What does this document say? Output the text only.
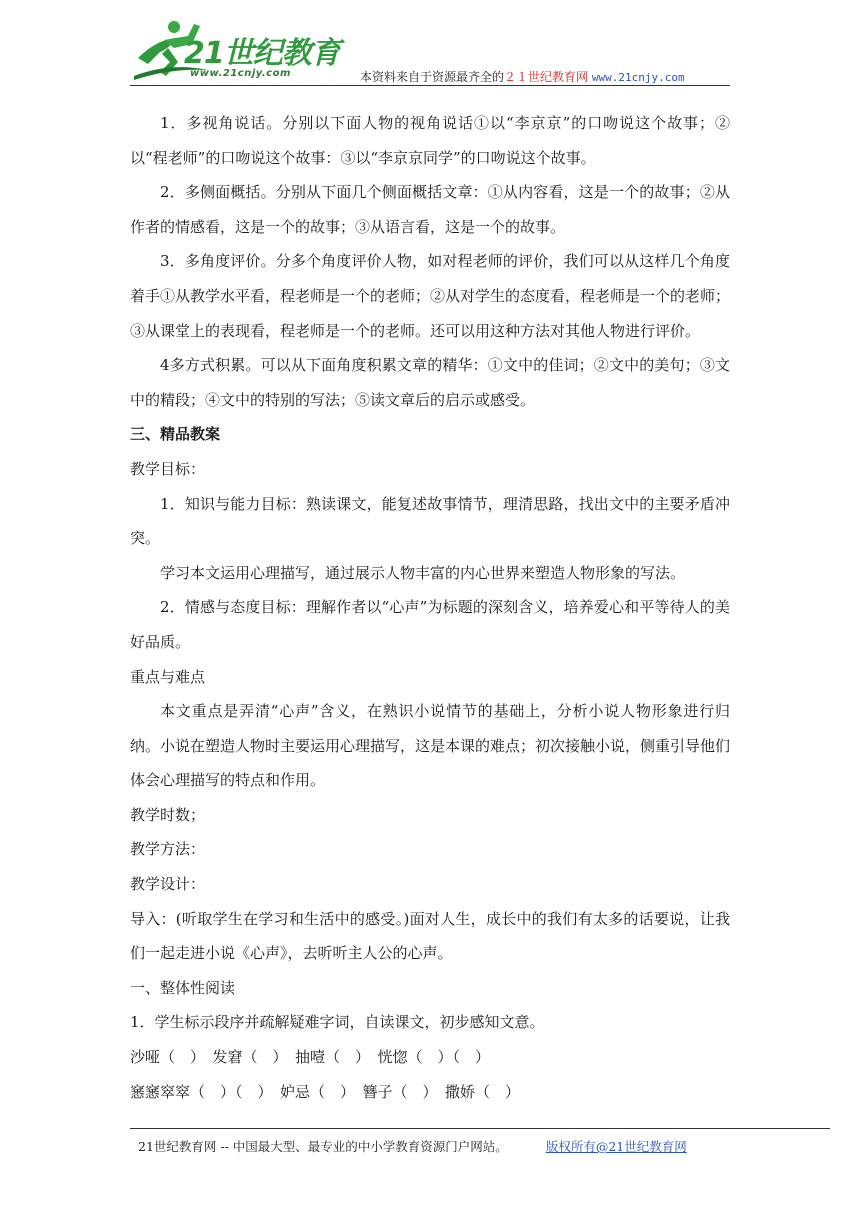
21世纪教育
www.21cnjy.com	本资料来自于资源最齐全的２１世纪教育网 www.21cnjy.com

1．多视角说话。分别以下面人物的视角说话①以“李京京”的口吻说这个故事；②以“程老师”的口吻说这个故事：③以“李京京同学”的口吻说这个故事。

2．多侧面概括。分别从下面几个侧面概括文章：①从内容看，这是一个的故事；②从作者的情感看，这是一个的故事；③从语言看，这是一个的故事。

3．多角度评价。分多个角度评价人物，如对程老师的评价，我们可以从这样几个角度着手①从教学水平看，程老师是一个的老师；②从对学生的态度看，程老师是一个的老师；③从课堂上的表现看，程老师是一个的老师。还可以用这种方法对其他人物进行评价。

4多方式积累。可以从下面角度积累文章的精华：①文中的佳词；②文中的美句；③文中的精段；④文中的特别的写法；⑤读文章后的启示或感受。

三、精品教案

教学目标：

1．知识与能力目标：熟读课文，能复述故事情节，理清思路，找出文中的主要矛盾冲突。

学习本文运用心理描写，通过展示人物丰富的内心世界来塑造人物形象的写法。

2．情感与态度目标：理解作者以“心声”为标题的深刻含义，培养爱心和平等待人的美好品质。

重点与难点

本文重点是弄清“心声”含义，在熟识小说情节的基础上，分析小说人物形象进行归纳。小说在塑造人物时主要运用心理描写，这是本课的难点；初次接触小说，侧重引导他们体会心理描写的特点和作用。

教学时数；

教学方法：

教学设计：

导入：(听取学生在学习和生活中的感受。)面对人生，成长中的我们有太多的话要说，让我们一起走进小说《心声》，去听听主人公的心声。

一、整体性阅读

1．学生标示段序并疏解疑难字词，自读课文，初步感知文意。

沙哑（　）　发窘（　）　抽噎（　）　恍惚（　）（　）

窸窸窣窣（　）（　）　妒忌（　）　簪子（　）　撒娇（　）

21世纪教育网 -- 中国最大型、最专业的中小学教育资源门户网站。	版权所有@21世纪教育网
